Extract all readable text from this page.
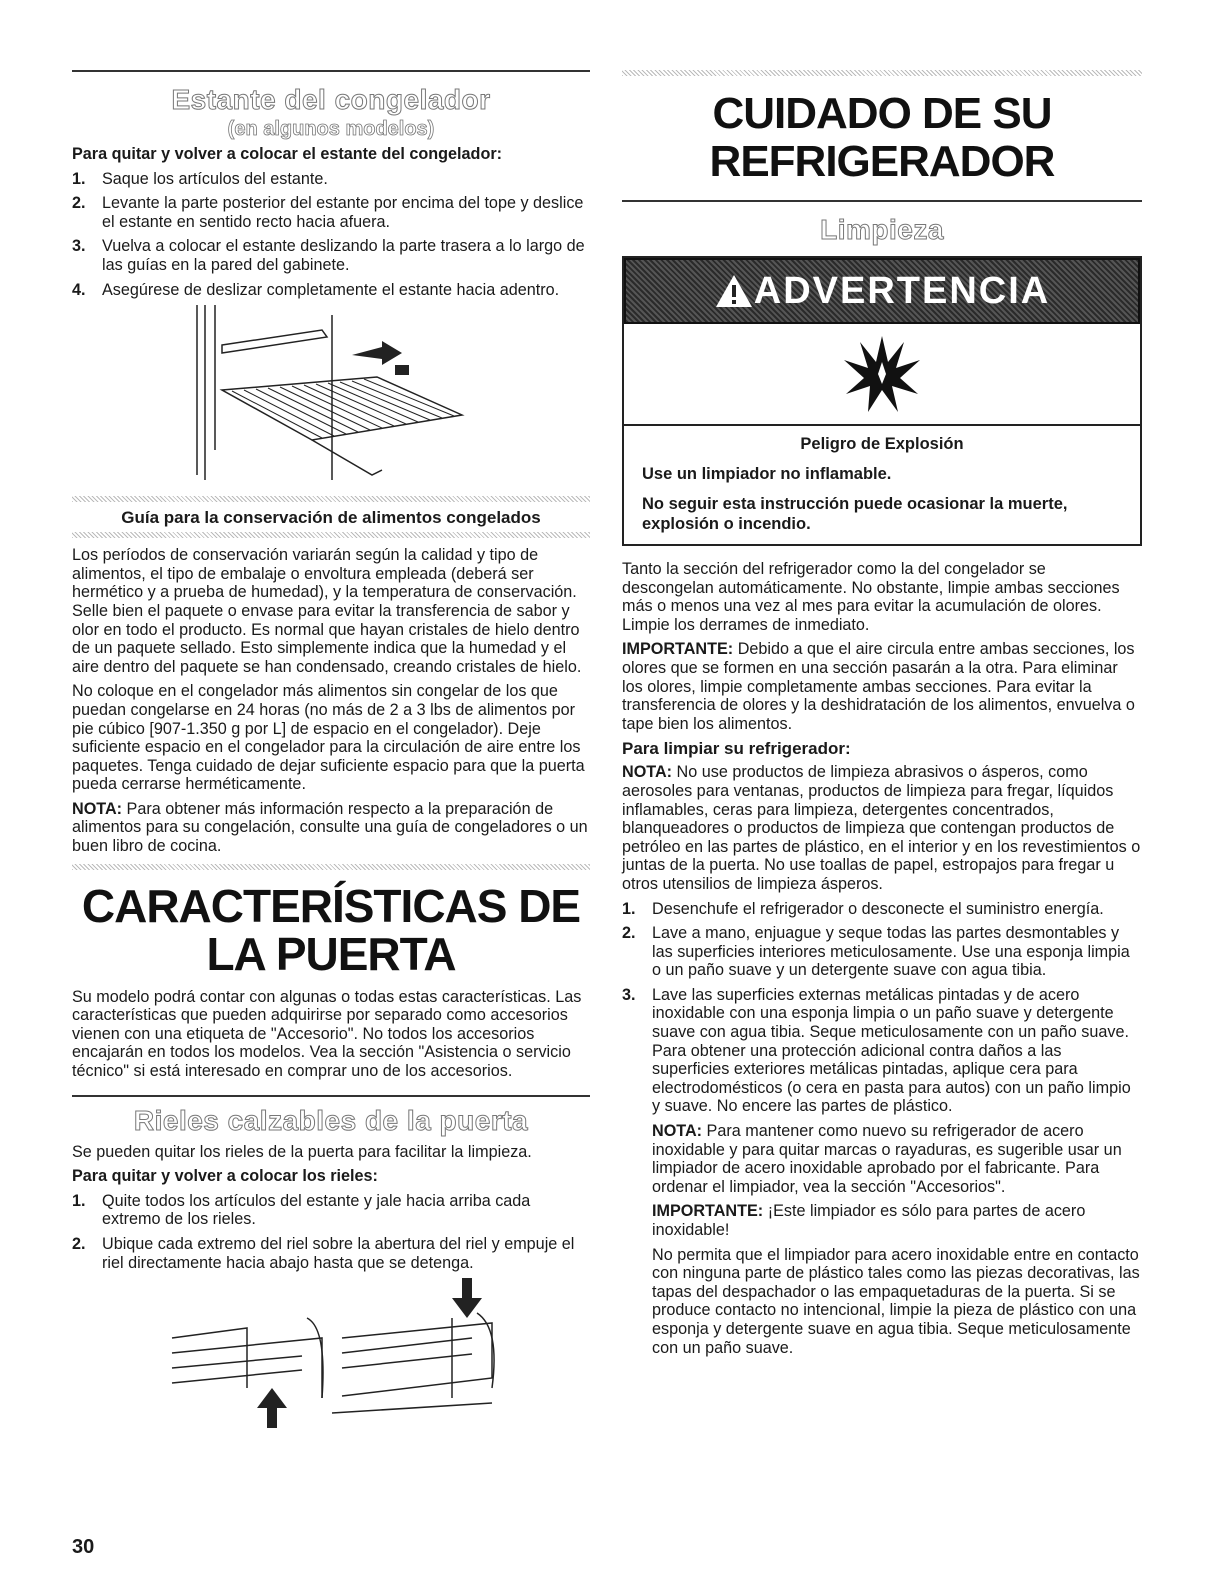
Estante del congelador
(en algunos modelos)

Para quitar y volver a colocar el estante del congelador:

1. Saque los artículos del estante.
2. Levante la parte posterior del estante por encima del tope y deslice el estante en sentido recto hacia afuera.
3. Vuelva a colocar el estante deslizando la parte trasera a lo largo de las guías en la pared del gabinete.
4. Asegúrese de deslizar completamente el estante hacia adentro.
Guía para la conservación de alimentos congelados

Los períodos de conservación variarán según la calidad y tipo de alimentos, el tipo de embalaje o envoltura empleada (deberá ser hermético y a prueba de humedad), y la temperatura de conservación. Selle bien el paquete o envase para evitar la transferencia de sabor y olor en todo el producto. Es normal que hayan cristales de hielo dentro de un paquete sellado. Esto simplemente indica que la humedad y el aire dentro del paquete se han condensado, creando cristales de hielo.

No coloque en el congelador más alimentos sin congelar de los que puedan congelarse en 24 horas (no más de 2 a 3 lbs de alimentos por pie cúbico [907-1.350 g por L] de espacio en el congelador). Deje suficiente espacio en el congelador para la circulación de aire entre los paquetes. Tenga cuidado de dejar suficiente espacio para que la puerta pueda cerrarse herméticamente.

NOTA: Para obtener más información respecto a la preparación de alimentos para su congelación, consulte una guía de congeladores o un buen libro de cocina.

CARACTERÍSTICAS DE
LA PUERTA

Su modelo podrá contar con algunas o todas estas características. Las características que pueden adquirirse por separado como accesorios vienen con una etiqueta de "Accesorio". No todos los accesorios encajarán en todos los modelos. Vea la sección "Asistencia o servicio técnico" si está interesado en comprar uno de los accesorios.

Rieles calzables de la puerta

Se pueden quitar los rieles de la puerta para facilitar la limpieza.

Para quitar y volver a colocar los rieles:

1. Quite todos los artículos del estante y jale hacia arriba cada extremo de los rieles.
2. Ubique cada extremo del riel sobre la abertura del riel y empuje el riel directamente hacia abajo hasta que se detenga.
CUIDADO DE SU
REFRIGERADOR
Limpieza
ADVERTENCIA

Peligro de Explosión

Use un limpiador no inflamable.

No seguir esta instrucción puede ocasionar la muerte, explosión o incendio.

Tanto la sección del refrigerador como la del congelador se descongelan automáticamente. No obstante, limpie ambas secciones más o menos una vez al mes para evitar la acumulación de olores. Limpie los derrames de inmediato.

IMPORTANTE: Debido a que el aire circula entre ambas secciones, los olores que se formen en una sección pasarán a la otra. Para eliminar los olores, limpie completamente ambas secciones. Para evitar la transferencia de olores y la deshidratación de los alimentos, envuelva o tape bien los alimentos.

Para limpiar su refrigerador:

NOTA: No use productos de limpieza abrasivos o ásperos, como aerosoles para ventanas, productos de limpieza para fregar, líquidos inflamables, ceras para limpieza, detergentes concentrados, blanqueadores o productos de limpieza que contengan productos de petróleo en las partes de plástico, en el interior y en los revestimientos o juntas de la puerta. No use toallas de papel, estropajos para fregar u otros utensilios de limpieza ásperos.

1. Desenchufe el refrigerador o desconecte el suministro energía.
2. Lave a mano, enjuague y seque todas las partes desmontables y las superficies interiores meticulosamente. Use una esponja limpia o un paño suave y un detergente suave con agua tibia.
3. Lave las superficies externas metálicas pintadas y de acero inoxidable con una esponja limpia o un paño suave y detergente suave con agua tibia. Seque meticulosamente con un paño suave. Para obtener una protección adicional contra daños a las superficies exteriores metálicas pintadas, aplique cera para electrodomésticos (o cera en pasta para autos) con un paño limpio y suave. No encere las partes de plástico.

NOTA: Para mantener como nuevo su refrigerador de acero inoxidable y para quitar marcas o rayaduras, es sugerible usar un limpiador de acero inoxidable aprobado por el fabricante. Para ordenar el limpiador, vea la sección "Accesorios".

IMPORTANTE: ¡Este limpiador es sólo para partes de acero inoxidable!

No permita que el limpiador para acero inoxidable entre en contacto con ninguna parte de plástico tales como las piezas decorativas, las tapas del despachador o las empaquetaduras de la puerta. Si se produce contacto no intencional, limpie la pieza de plástico con una esponja y detergente suave en agua tibia. Seque meticulosamente con un paño suave.

30
